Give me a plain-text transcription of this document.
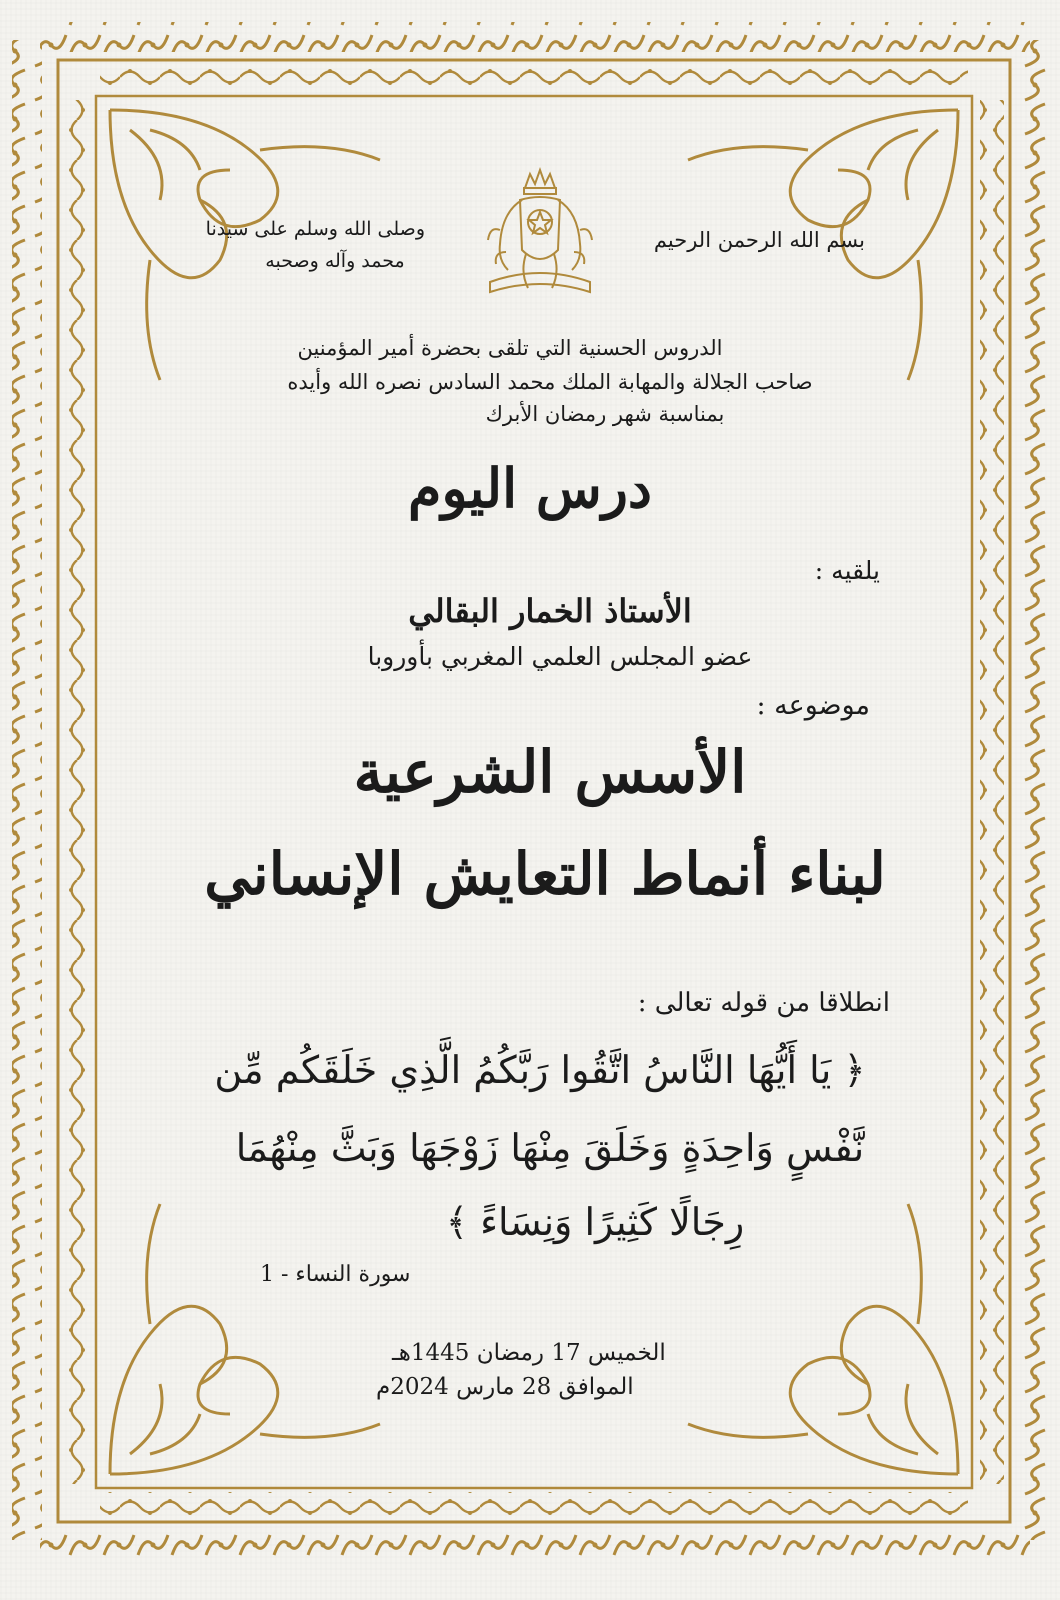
بسم الله الرحمن الرحيم
وصلى الله وسلم على سيدنا
محمد وآله وصحبه
الدروس الحسنية التي تلقى بحضرة أمير المؤمنين
صاحب الجلالة والمهابة الملك محمد السادس نصره الله وأيده
بمناسبة شهر رمضان الأبرك
درس اليوم
يلقيه :
الأستاذ الخمار البقالي
عضو المجلس العلمي المغربي بأوروبا
موضوعه :
الأسس الشرعية
لبناء أنماط التعايش الإنساني
انطلاقا من قوله تعالى :
﴿ يَا أَيُّهَا النَّاسُ اتَّقُوا رَبَّكُمُ الَّذِي خَلَقَكُم مِّن
نَّفْسٍ وَاحِدَةٍ وَخَلَقَ مِنْهَا زَوْجَهَا وَبَثَّ مِنْهُمَا
رِجَالًا كَثِيرًا وَنِسَاءً ﴾
سورة النساء - 1
الخميس 17 رمضان 1445هـ
الموافق 28 مارس 2024م
